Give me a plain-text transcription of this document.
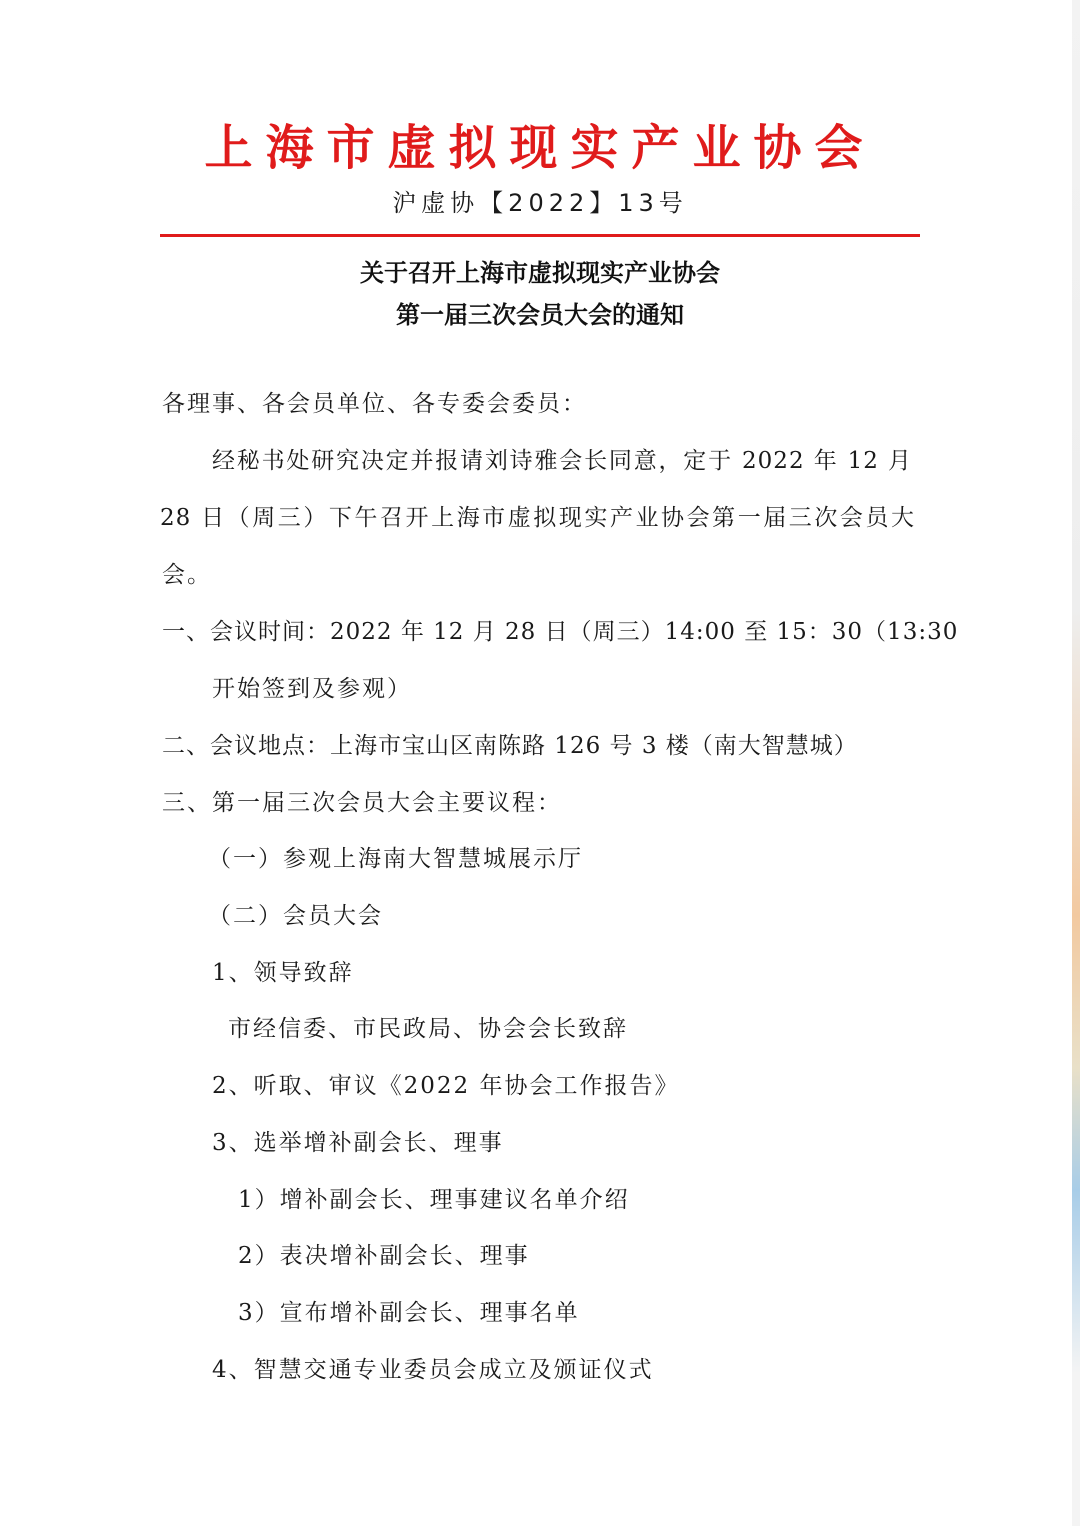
上海市虚拟现实产业协会
沪虚协【2022】13号
关于召开上海市虚拟现实产业协会
第一届三次会员大会的通知
各理事、各会员单位、各专委会委员：
经秘书处研究决定并报请刘诗雅会长同意，定于 2022 年 12 月
28 日（周三）下午召开上海市虚拟现实产业协会第一届三次会员大
会。
一、会议时间：2022 年 12 月 28 日（周三）14:00 至 15：30（13:30
开始签到及参观）
二、会议地点：上海市宝山区南陈路 126 号 3 楼（南大智慧城）
三、第一届三次会员大会主要议程：
（一）参观上海南大智慧城展示厅
（二）会员大会
1、领导致辞
市经信委、市民政局、协会会长致辞
2、听取、审议《2022 年协会工作报告》
3、选举增补副会长、理事
1）增补副会长、理事建议名单介绍
2）表决增补副会长、理事
3）宣布增补副会长、理事名单
4、智慧交通专业委员会成立及颁证仪式
